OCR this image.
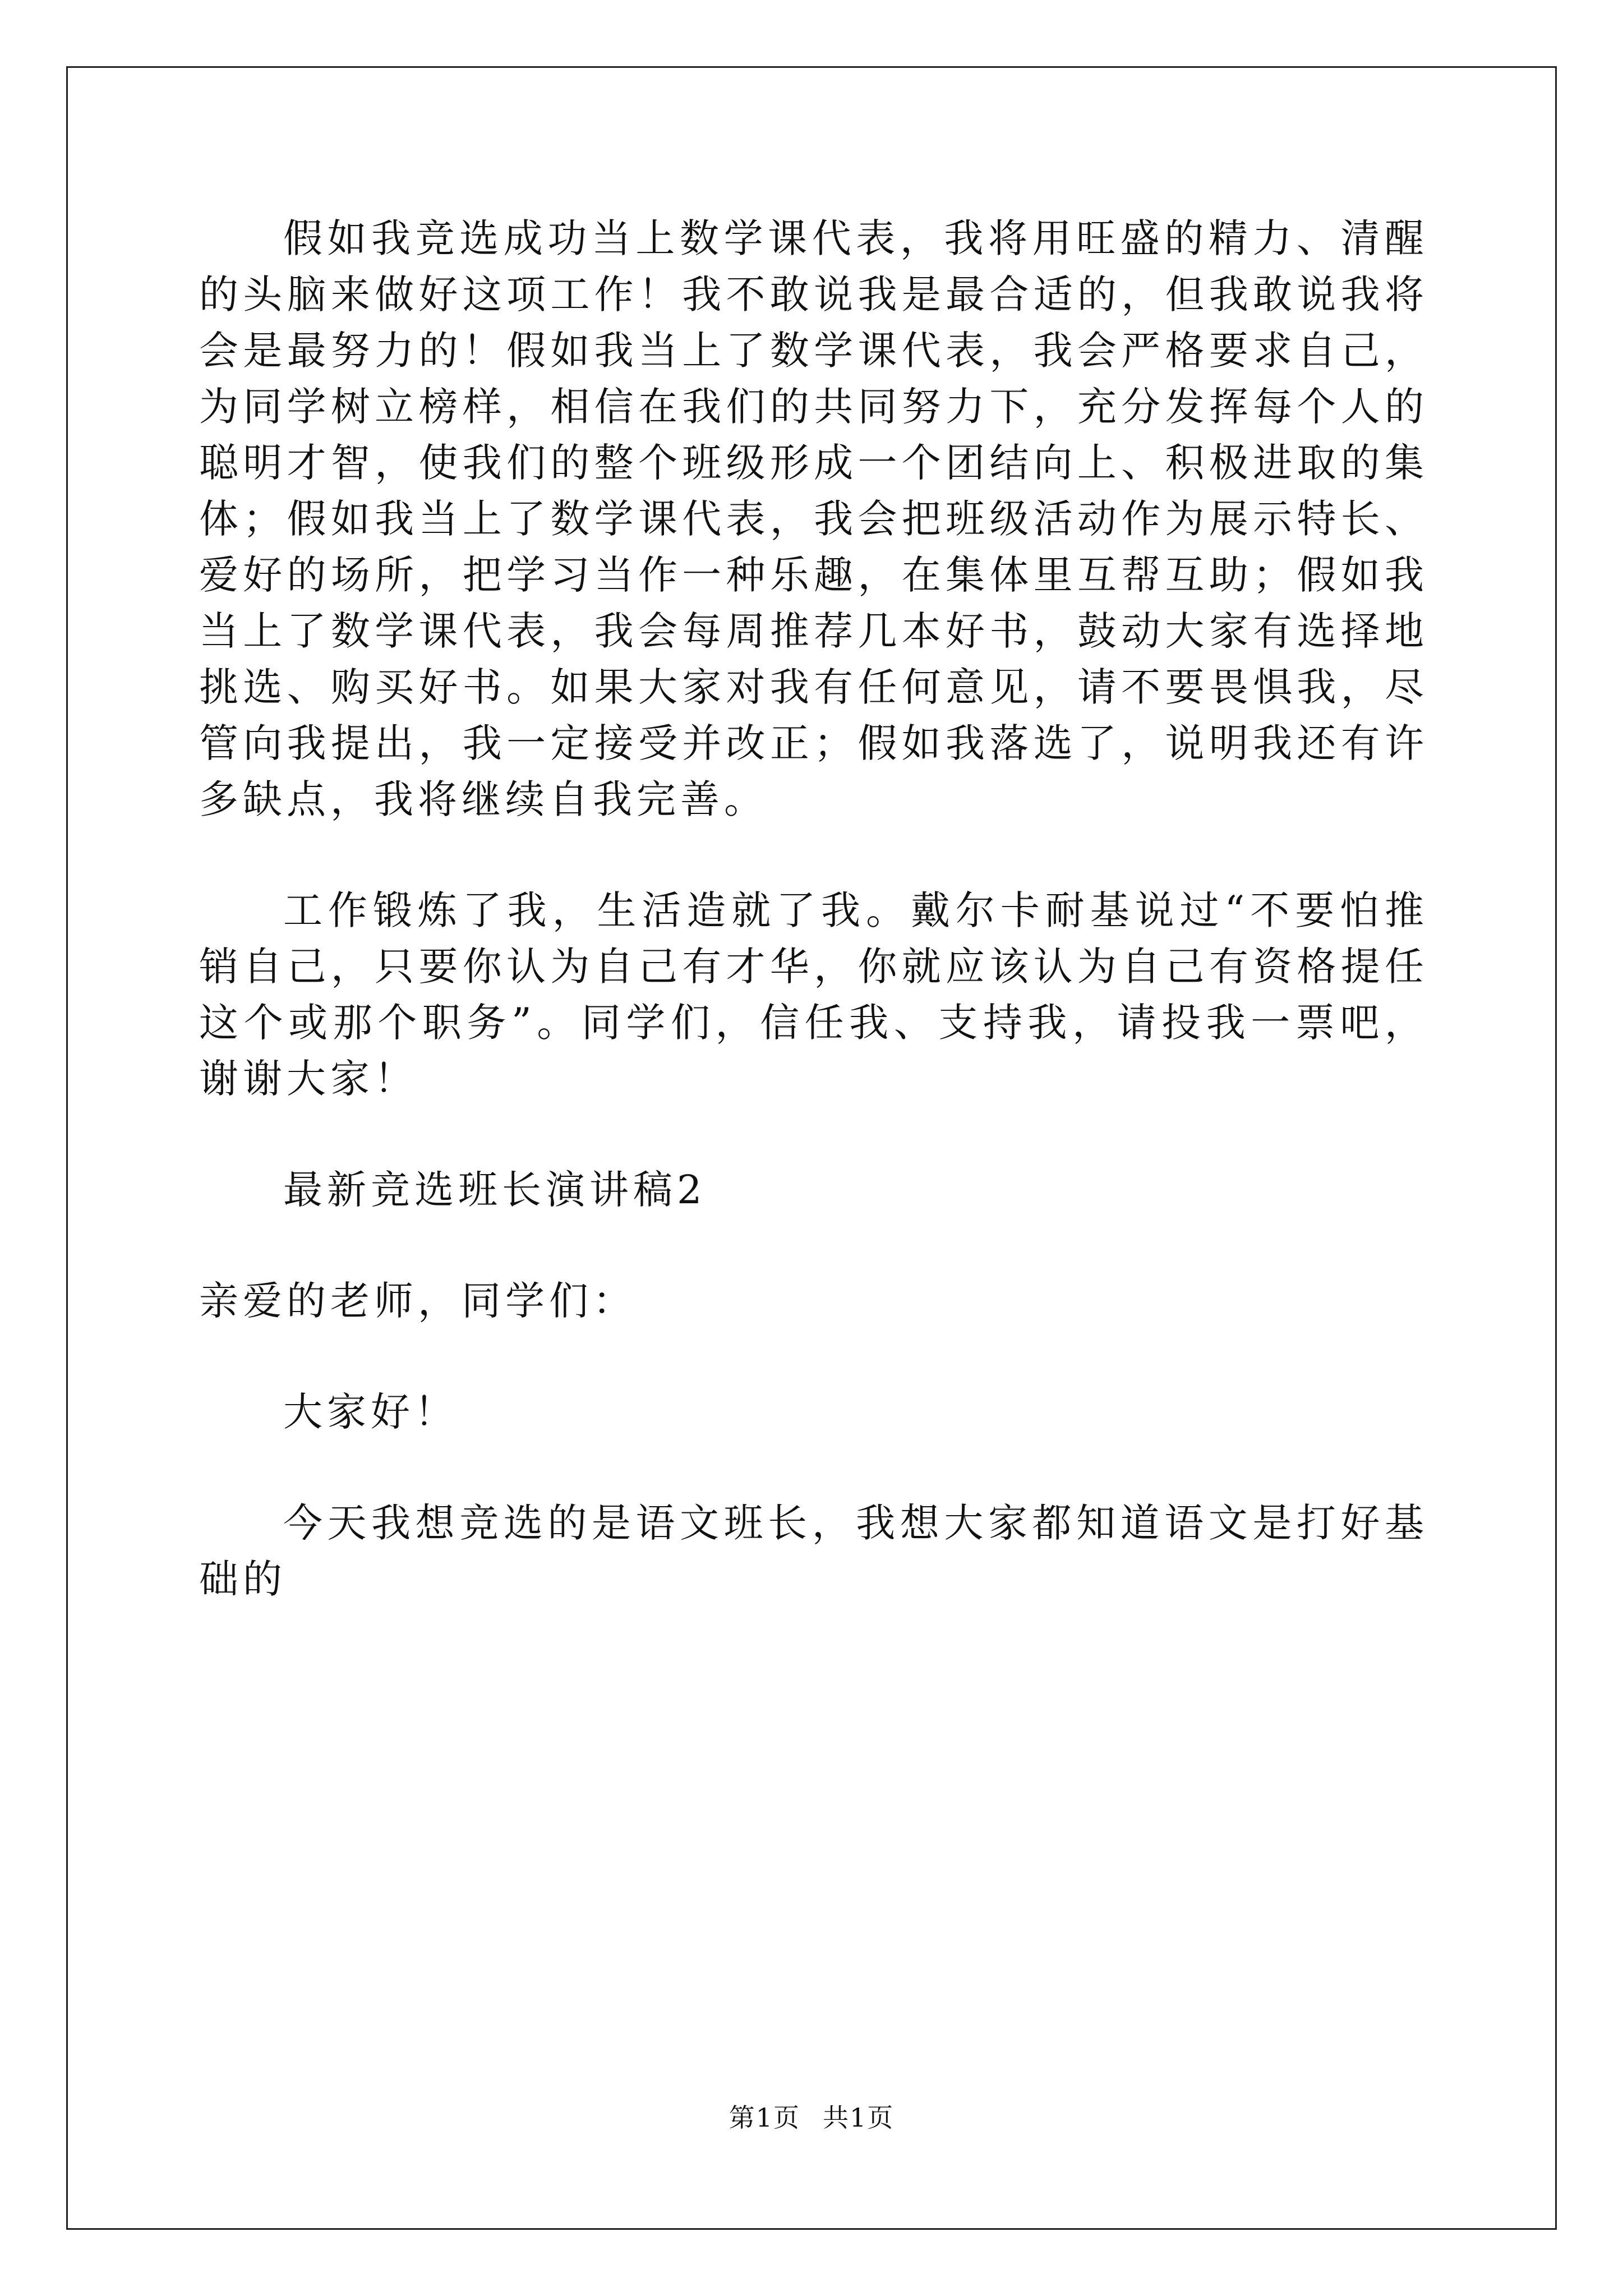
假如我竞选成功当上数学课代表，我将用旺盛的精力、清醒的头脑来做好这项工作！我不敢说我是最合适的，但我敢说我将会是最努力的！假如我当上了数学课代表，我会严格要求自己，为同学树立榜样，相信在我们的共同努力下，充分发挥每个人的聪明才智，使我们的整个班级形成一个团结向上、积极进取的集体；假如我当上了数学课代表，我会把班级活动作为展示特长、爱好的场所，把学习当作一种乐趣，在集体里互帮互助；假如我当上了数学课代表，我会每周推荐几本好书，鼓动大家有选择地挑选、购买好书。如果大家对我有任何意见，请不要畏惧我，尽管向我提出，我一定接受并改正；假如我落选了，说明我还有许多缺点，我将继续自我完善。

工作锻炼了我，生活造就了我。戴尔卡耐基说过“不要怕推销自己，只要你认为自己有才华，你就应该认为自己有资格提任这个或那个职务”。同学们，信任我、支持我，请投我一票吧，谢谢大家！

最新竞选班长演讲稿2

亲爱的老师，同学们：

大家好！

今天我想竞选的是语文班长，我想大家都知道语文是打好基础的

第1页 共1页
